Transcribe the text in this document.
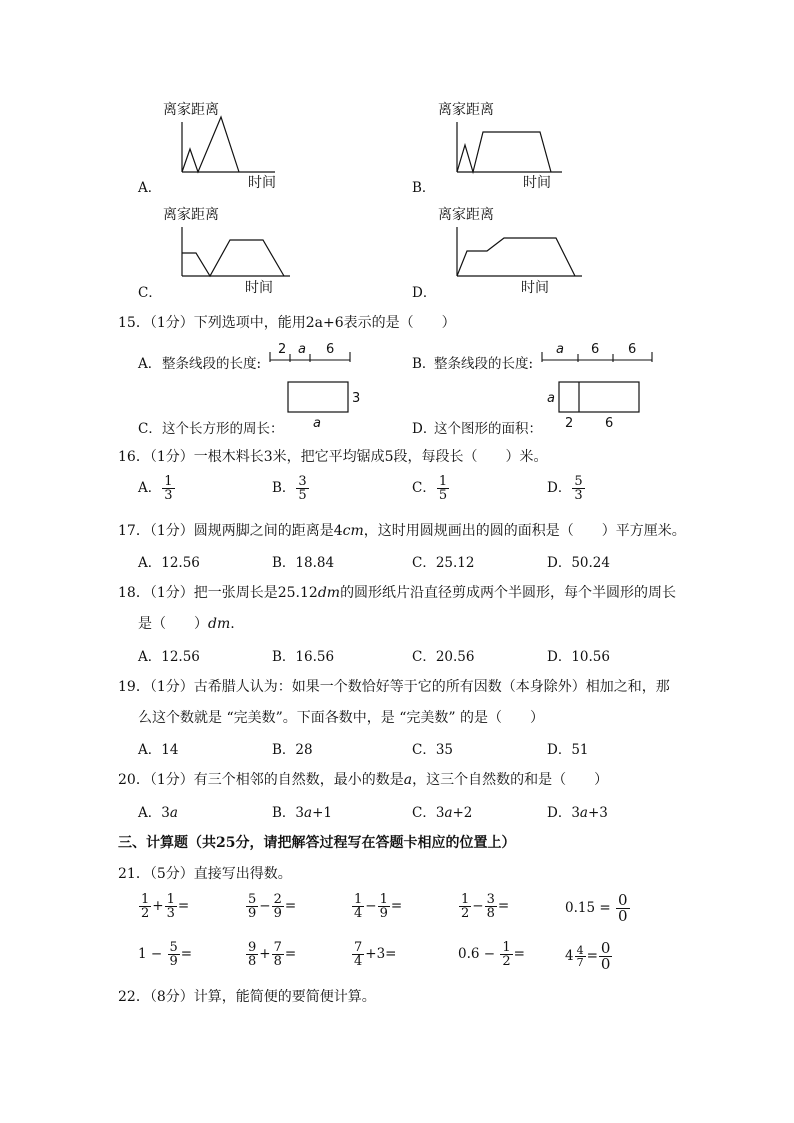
离家距离
时间
A．
离家距离
时间
B．
离家距离
时间
C．
离家距离
时间
D．
15．（1分）下列选项中，能用2a+6表示的是（　　）
A． 整条线段的长度:
2 a 6
B．
整条线段的长度:
a 6 6
C． 这个长方形的周长：
3
a	D．
这个图形的面积：
a
2 6
16．（1分）一根木料长3米，把它平均锯成5段，每段长（　　）米。
A． $\frac{1}{3}$	B． $\frac{3}{5}$	C． $\frac{1}{5}$	D． $\frac{5}{3}$
17．（1分）圆规两脚之间的距离是4cm，这时用圆规画出的圆的面积是（　　）平方厘米。
A．12.56	B．18.84	C．25.12	D．50.24
18．（1分）把一张周长是25.12dm的圆形纸片沿直径剪成两个半圆形，每个半圆形的周长
是（　　）dm.
A．12.56	B．16.56	C．20.56	D．10.56
19．（1分）古希腊人认为：如果一个数恰好等于它的所有因数（本身除外）相加之和，那
么这个数就是 “完美数”。下面各数中，是 “完美数” 的是（　　）
A．14	B．28	C．35	D．51
20．（1分）有三个相邻的自然数，最小的数是a，这三个自然数的和是（　　）
A．3a	B．3a+1	C．3a+2	D．3a+3
三、计算题（共25分，请把解答过程写在答题卡相应的位置上）
21．（5分）直接写出得数。
$\frac{1}{2} + \frac{1}{3}$ =	$\frac{5}{9} - \frac{2}{9}$ =	$\frac{1}{4} - \frac{1}{9}$ =	$\frac{1}{2} - \frac{3}{8}$ =	$0.15 = \frac{0}{0}$
$1 - \frac{5}{9}$ =	$\frac{9}{8} + \frac{7}{8}$ =	$\frac{7}{4} +3=$	$0.6 - \frac{1}{2}$ =	$4 \frac{4}{7} = \frac{0}{0}$
22．（8分）计算，能简便的要简便计算。
